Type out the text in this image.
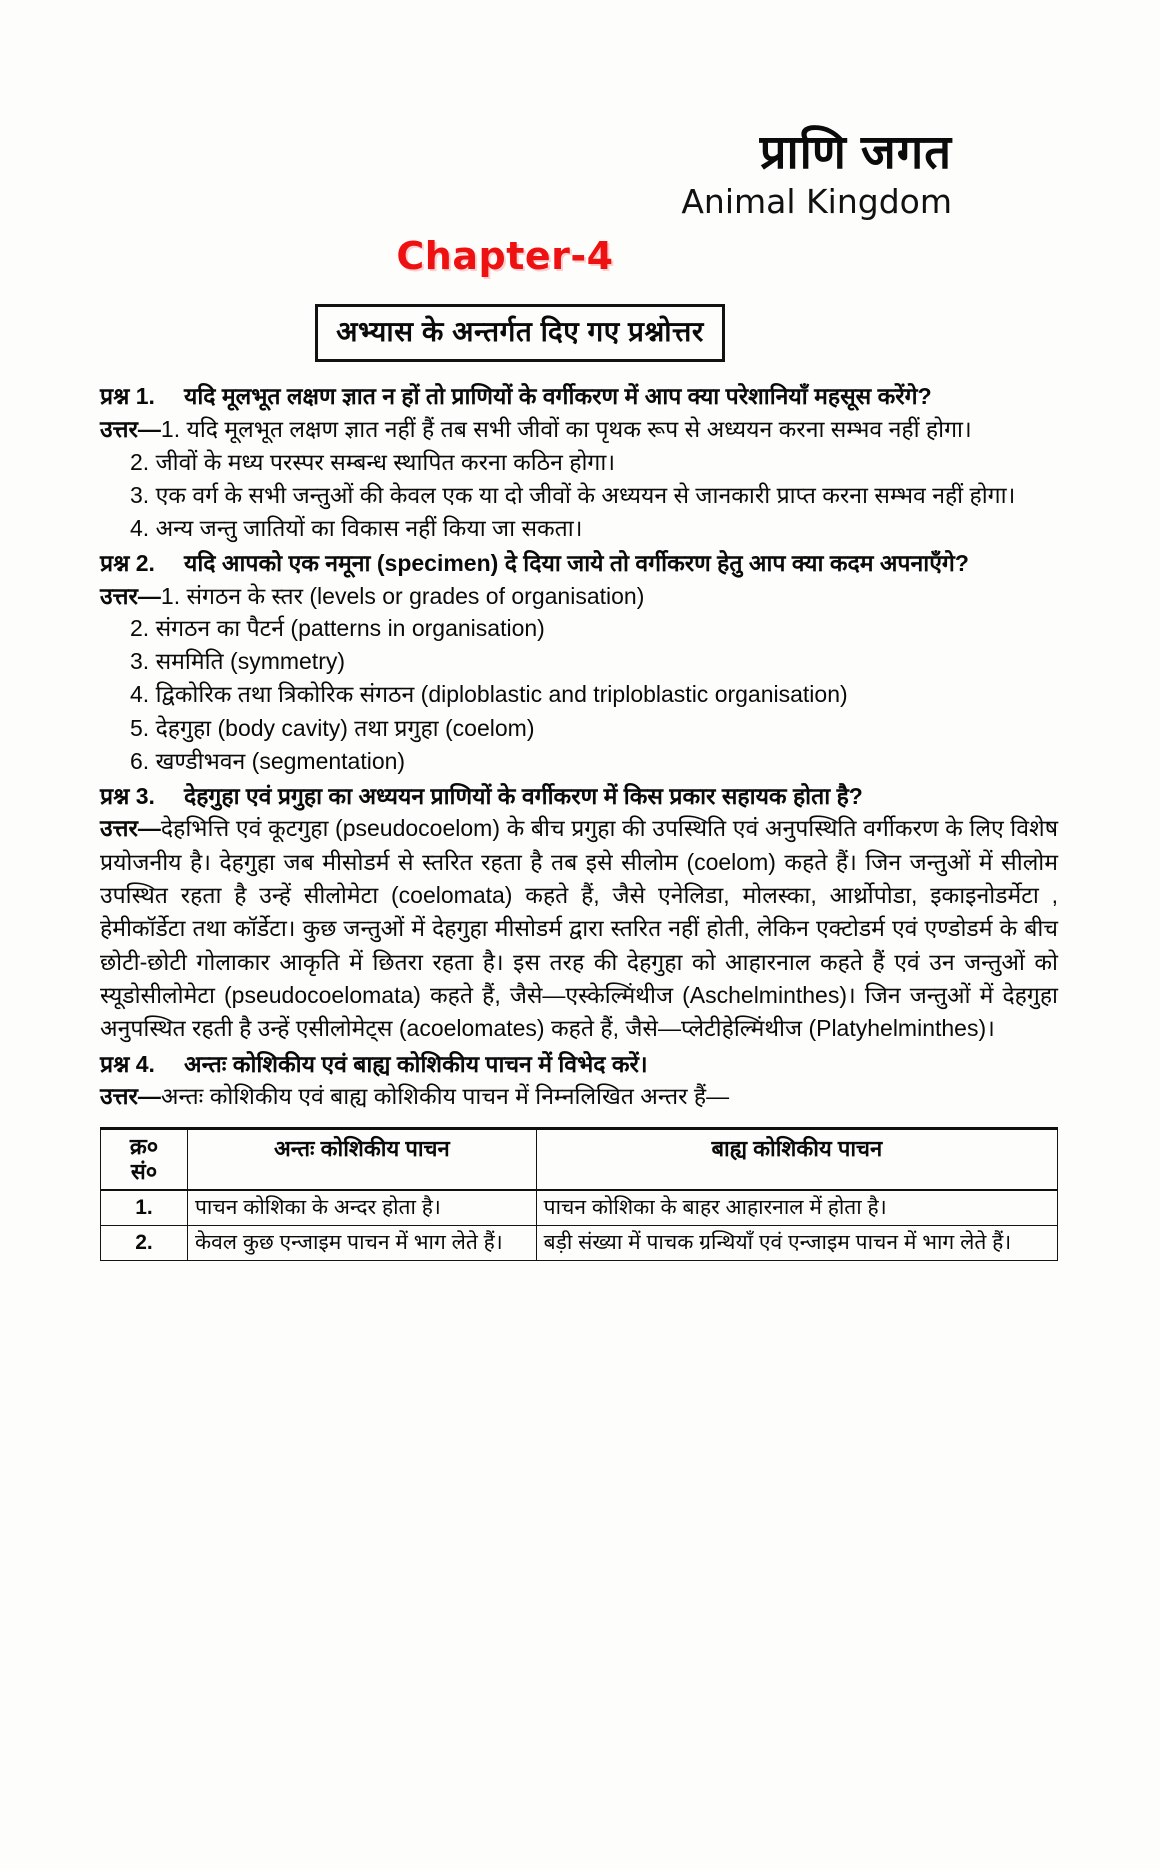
प्राणि जगत
Animal Kingdom
Chapter-4
अभ्यास के अन्तर्गत दिए गए प्रश्नोत्तर
प्रश्न 1. यदि मूलभूत लक्षण ज्ञात न हों तो प्राणियों के वर्गीकरण में आप क्या परेशानियाँ महसूस करेंगे?
उत्तर—1. यदि मूलभूत लक्षण ज्ञात नहीं हैं तब सभी जीवों का पृथक रूप से अध्ययन करना सम्भव नहीं होगा।
2. जीवों के मध्य परस्पर सम्बन्ध स्थापित करना कठिन होगा।
3. एक वर्ग के सभी जन्तुओं की केवल एक या दो जीवों के अध्ययन से जानकारी प्राप्त करना सम्भव नहीं होगा।
4. अन्य जन्तु जातियों का विकास नहीं किया जा सकता।
प्रश्न 2. यदि आपको एक नमूना (specimen) दे दिया जाये तो वर्गीकरण हेतु आप क्या कदम अपनाएँगे?
उत्तर—1. संगठन के स्तर (levels or grades of organisation)
2. संगठन का पैटर्न (patterns in organisation)
3. सममिति (symmetry)
4. द्विकोरिक तथा त्रिकोरिक संगठन (diploblastic and triploblastic organisation)
5. देहगुहा (body cavity) तथा प्रगुहा (coelom)
6. खण्डीभवन (segmentation)
प्रश्न 3. देहगुहा एवं प्रगुहा का अध्ययन प्राणियों के वर्गीकरण में किस प्रकार सहायक होता है?
उत्तर—देहभित्ति एवं कूटगुहा (pseudocoelom) के बीच प्रगुहा की उपस्थिति एवं अनुपस्थिति वर्गीकरण के लिए विशेष प्रयोजनीय है। देहगुहा जब मीसोडर्म से स्तरित रहता है तब इसे सीलोम (coelom) कहते हैं। जिन जन्तुओं में सीलोम उपस्थित रहता है उन्हें सीलोमेटा (coelomata) कहते हैं, जैसे एनेलिडा, मोलस्का, आर्थ्रोपोडा, इकाइनोडर्मेटा , हेमीकॉर्डेटा तथा कॉर्डेटा। कुछ जन्तुओं में देहगुहा मीसोडर्म द्वारा स्तरित नहीं होती, लेकिन एक्टोडर्म एवं एण्डोडर्म के बीच छोटी-छोटी गोलाकार आकृति में छितरा रहता है। इस तरह की देहगुहा को आहारनाल कहते हैं एवं उन जन्तुओं को स्यूडोसीलोमेटा (pseudocoelomata) कहते हैं, जैसे—एस्केल्मिंथीज (Aschelminthes)। जिन जन्तुओं में देहगुहा अनुपस्थित रहती है उन्हें एसीलोमेट्स (acoelomates) कहते हैं, जैसे—प्लेटीहेल्मिंथीज (Platyhelminthes)।
प्रश्न 4. अन्तः कोशिकीय एवं बाह्य कोशिकीय पाचन में विभेद करें।
उत्तर—अन्तः कोशिकीय एवं बाह्य कोशिकीय पाचन में निम्नलिखित अन्तर हैं—
क्र०
सं०	अन्तः कोशिकीय पाचन	बाह्य कोशिकीय पाचन
1.	पाचन कोशिका के अन्दर होता है।	पाचन कोशिका के बाहर आहारनाल में होता है।
2.	केवल कुछ एन्जाइम पाचन में भाग लेते हैं।	बड़ी संख्या में पाचक ग्रन्थियाँ एवं एन्जाइम पाचन में भाग लेते हैं।
